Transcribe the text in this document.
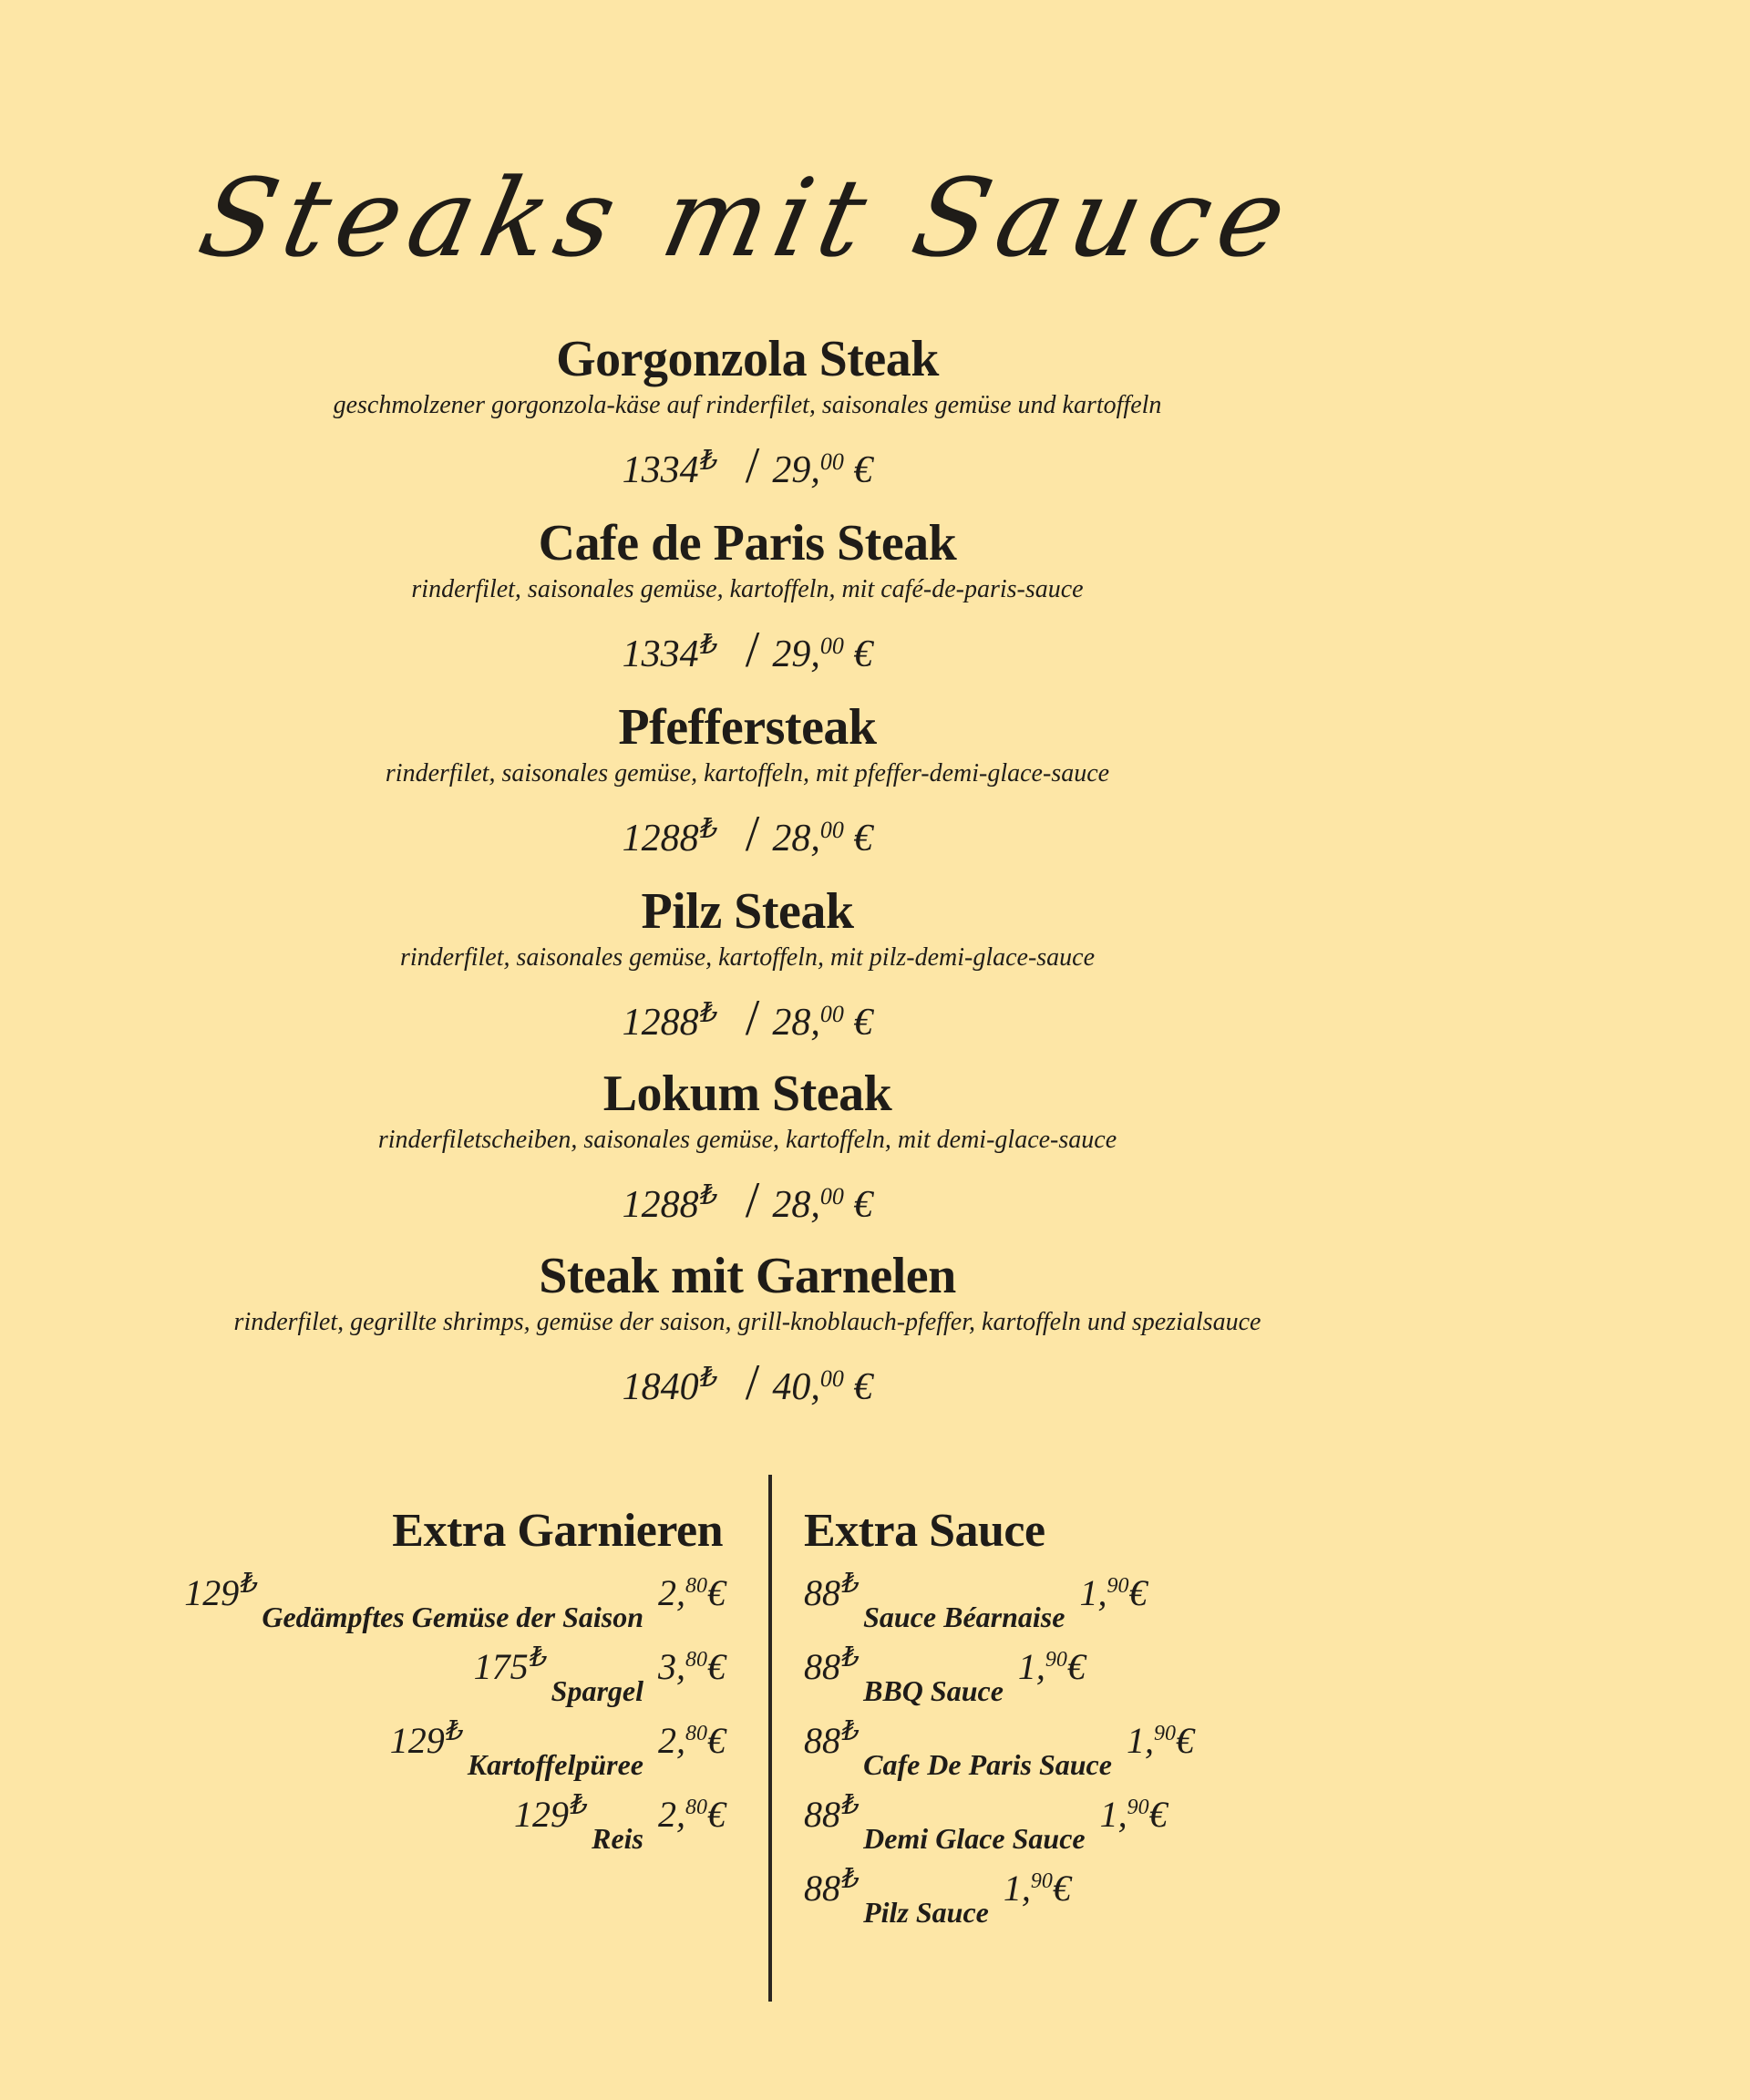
Steaks mit Sauce
Gorgonzola Steak
geschmolzener gorgonzola-käse auf rinderfilet, saisonales gemüse und kartoffeln
1334₺ / 29,00 €
Cafe de Paris Steak
rinderfilet, saisonales gemüse, kartoffeln, mit café-de-paris-sauce
1334₺ / 29,00 €
Pfeffersteak
rinderfilet, saisonales gemüse, kartoffeln, mit pfeffer-demi-glace-sauce
1288₺ / 28,00 €
Pilz Steak
rinderfilet, saisonales gemüse, kartoffeln, mit pilz-demi-glace-sauce
1288₺ / 28,00 €
Lokum Steak
rinderfiletscheiben, saisonales gemüse, kartoffeln, mit demi-glace-sauce
1288₺ / 28,00 €
Steak mit Garnelen
rinderfilet, gegrillte shrimps, gemüse der saison, grill-knoblauch-pfeffer, kartoffeln und spezialsauce
1840₺ / 40,00 €
Extra Garnieren
129₺Gedämpftes Gemüse der Saison2,80€
175₺Spargel3,80€
129₺Kartoffelpüree2,80€
129₺Reis2,80€
Extra Sauce
88₺Sauce Béarnaise1,90€
88₺BBQ Sauce1,90€
88₺Cafe De Paris Sauce1,90€
88₺Demi Glace Sauce1,90€
88₺Pilz Sauce1,90€
